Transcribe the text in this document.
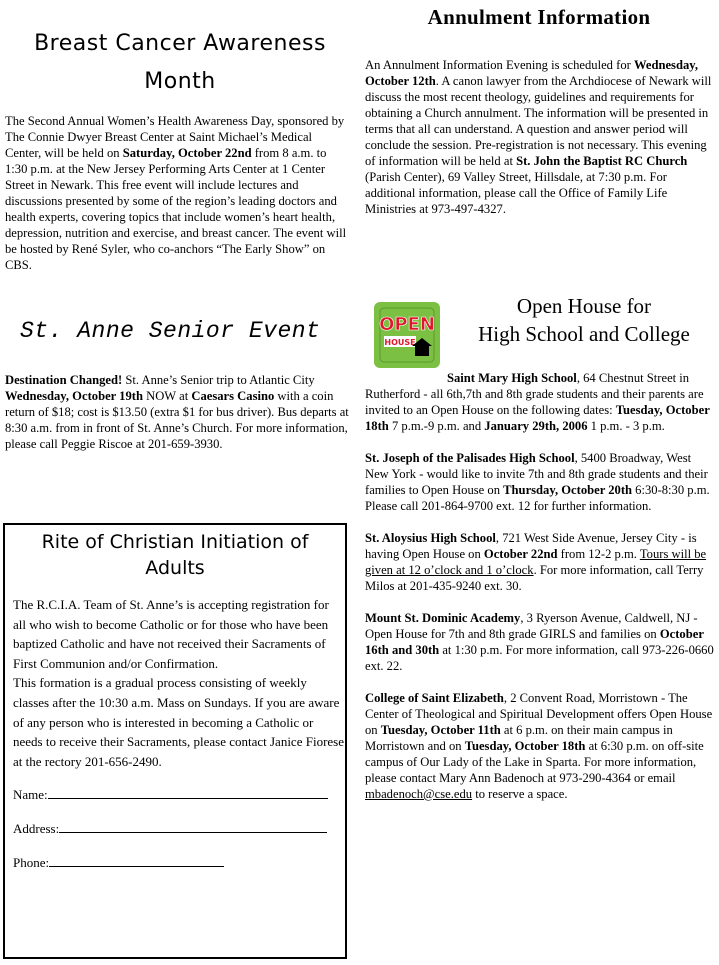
Breast Cancer Awareness
Month

The Second Annual Women’s Health Awareness Day, sponsored by The Connie Dwyer Breast Center at Saint Michael’s Medical Center, will be held on Saturday, October 22nd from 8 a.m. to 1:30 p.m. at the New Jersey Performing Arts Center at 1 Center Street in Newark. This free event will include lectures and discussions presented by some of the region’s leading doctors and health experts, covering topics that include women’s heart health, depression, nutrition and exercise, and breast cancer. The event will be hosted by René Syler, who co-anchors “The Early Show” on CBS.

St. Anne Senior Event

Destination Changed! St. Anne’s Senior trip to Atlantic City Wednesday, October 19th NOW at Caesars Casino with a coin return of $18; cost is $13.50 (extra $1 for bus driver). Bus departs at 8:30 a.m. from in front of St. Anne’s Church. For more information, please call Peggie Riscoe at 201-659-3930.

Rite of Christian Initiation of
Adults

The R.C.I.A. Team of St. Anne’s is accepting registration for all who wish to become Catholic or for those who have been baptized Catholic and have not received their Sacraments of First Communion and/or Confirmation.

This formation is a gradual process consisting of weekly classes after the 10:30 a.m. Mass on Sundays. If you are aware of any person who is interested in becoming a Catholic or needs to receive their Sacraments, please contact Janice Fiorese at the rectory 201-656-2490.

Name:

Address:

Phone:

Annulment Information

An Annulment Information Evening is scheduled for Wednesday, October 12th. A canon lawyer from the Archdiocese of Newark will discuss the most recent theology, guidelines and requirements for obtaining a Church annulment. The information will be presented in terms that all can understand. A question and answer period will conclude the session. Pre-registration is not necessary. This evening of information will be held at St. John the Baptist RC Church (Parish Center), 69 Valley Street, Hillsdale, at 7:30 p.m. For additional information, please call the Office of Family Life Ministries at 973-497-4327.

OPEN
HOUSE
Open House for
High School and College

Saint Mary High School, 64 Chestnut Street in Rutherford - all 6th,7th and 8th grade students and their parents are invited to an Open House on the following dates: Tuesday, October 18th 7 p.m.-9 p.m. and January 29th, 2006 1 p.m. - 3 p.m.

St. Joseph of the Palisades High School, 5400 Broadway, West New York - would like to invite 7th and 8th grade students and their families to Open House on Thursday, October 20th 6:30-8:30 p.m. Please call 201-864-9700 ext. 12 for further information.

St. Aloysius High School, 721 West Side Avenue, Jersey City - is having Open House on October 22nd from 12-2 p.m. Tours will be given at 12 o’clock and 1 o’clock. For more information, call Terry Milos at 201-435-9240 ext. 30.

Mount St. Dominic Academy, 3 Ryerson Avenue, Caldwell, NJ - Open House for 7th and 8th grade GIRLS and families on October 16th and 30th at 1:30 p.m. For more information, call 973-226-0660 ext. 22.

College of Saint Elizabeth, 2 Convent Road, Morristown - The Center of Theological and Spiritual Development offers Open House on Tuesday, October 11th at 6 p.m. on their main campus in Morristown and on Tuesday, October 18th at 6:30 p.m. on off-site campus of Our Lady of the Lake in Sparta. For more information, please contact Mary Ann Badenoch at 973-290-4364 or email mbadenoch@cse.edu to reserve a space.
